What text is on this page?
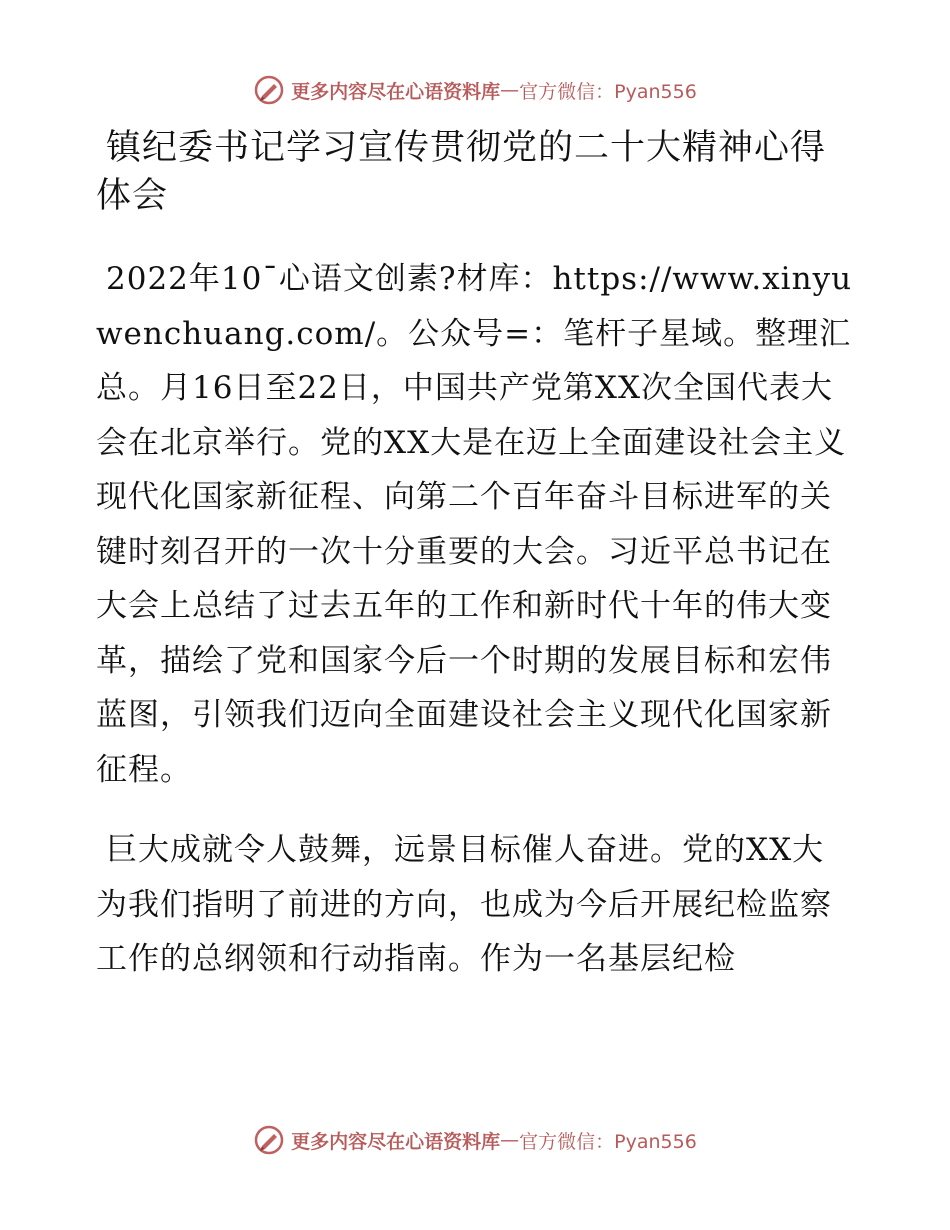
更多内容尽在心语资料库 — 官方微信：Pyan556
镇纪委书记学习宣传贯彻党的二十大精神心得体会

2022年10¯心语文创素?材库：https://www.xinyuwenchuang.com/。公众号=：笔杆子星域。整理汇总。月16日至22日，中国共产党第XX次全国代表大会在北京举行。党的XX大是在迈上全面建设社会主义现代化国家新征程、向第二个百年奋斗目标进军的关键时刻召开的一次十分重要的大会。习近平总书记在大会上总结了过去五年的工作和新时代十年的伟大变革，描绘了党和国家今后一个时期的发展目标和宏伟蓝图，引领我们迈向全面建设社会主义现代化国家新征程。

巨大成就令人鼓舞，远景目标催人奋进。党的XX大为我们指明了前进的方向，也成为今后开展纪检监察工作的总纲领和行动指南。作为一名基层纪检

更多内容尽在心语资料库 — 官方微信：Pyan556
